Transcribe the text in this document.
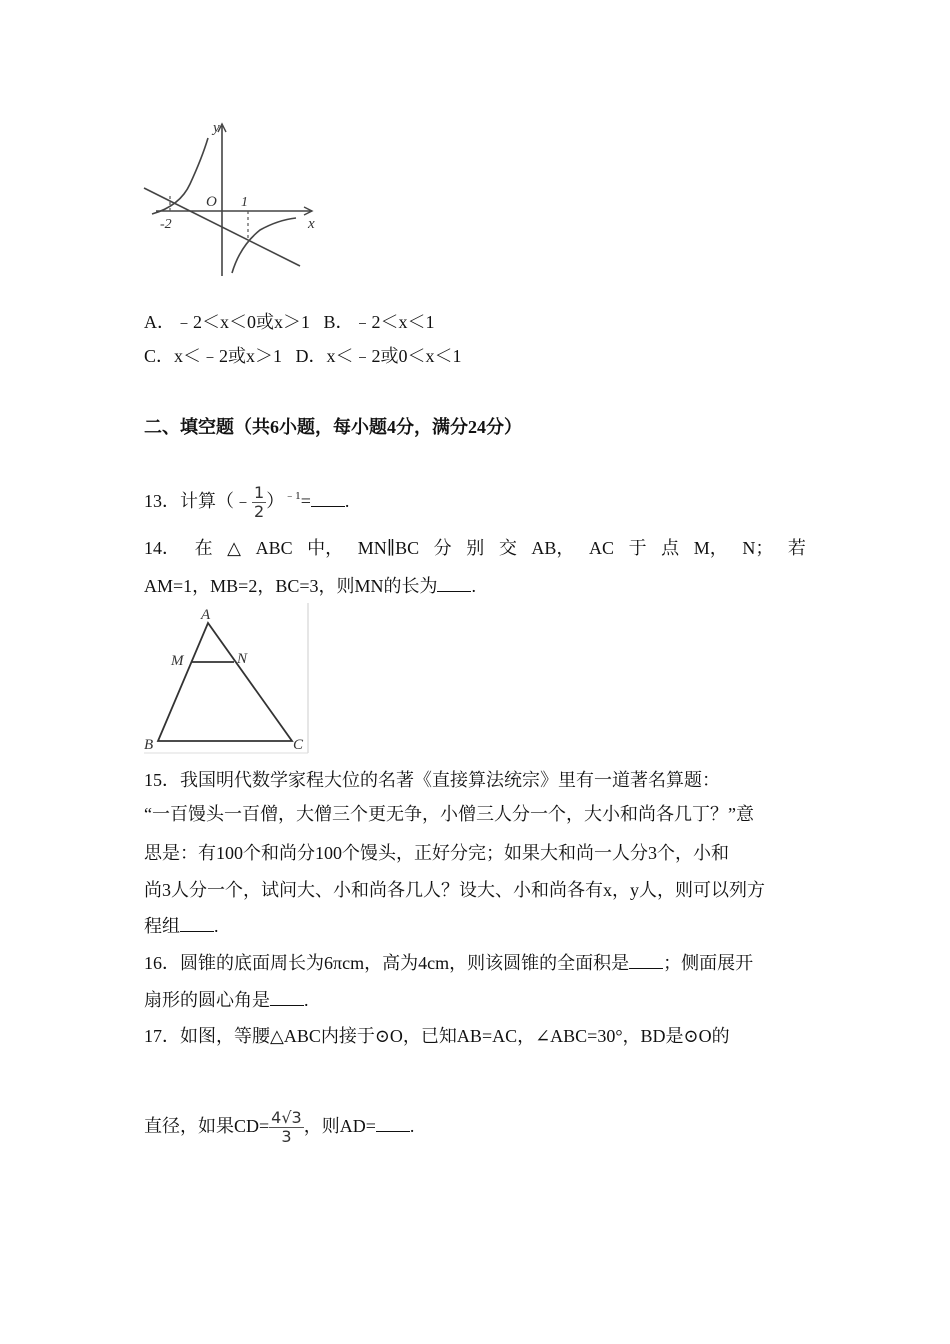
y
x
O
-2
1
A．﹣2＜x＜0或x＞1 B．﹣2＜x＜1
C．x＜﹣2或x＞1 D．x＜﹣2或0＜x＜1
二、填空题（共6小题，每小题4分，满分24分）
13．计算（﹣ $\frac{1}{2} )^{﹣1}=$ .
14． 在 △ ABC 中， MN∥BC 分 别 交 AB， AC 于 点 M， N； 若
AM=1，MB=2，BC=3，则MN的长为 .
A
M	N
B	C
15．我国明代数学家程大位的名著《直接算法统宗》里有一道著名算题：
“一百馒头一百僧，大僧三个更无争，小僧三人分一个，大小和尚各几丁？”意
思是：有100个和尚分100个馒头，正好分完；如果大和尚一人分3个，小和
尚3人分一个，试问大、小和尚各几人？设大、小和尚各有x，y人，则可以列方
程组 .
16．圆锥的底面周长为6πcm，高为4cm，则该圆锥的全面积是 ；侧面展开
扇形的圆心角是 .
17．如图，等腰△ABC内接于⊙O，已知AB=AC，∠ABC=30°，BD是⊙O的
直径，如果$CD= \frac{4√3}{3}$ ，则AD= .
